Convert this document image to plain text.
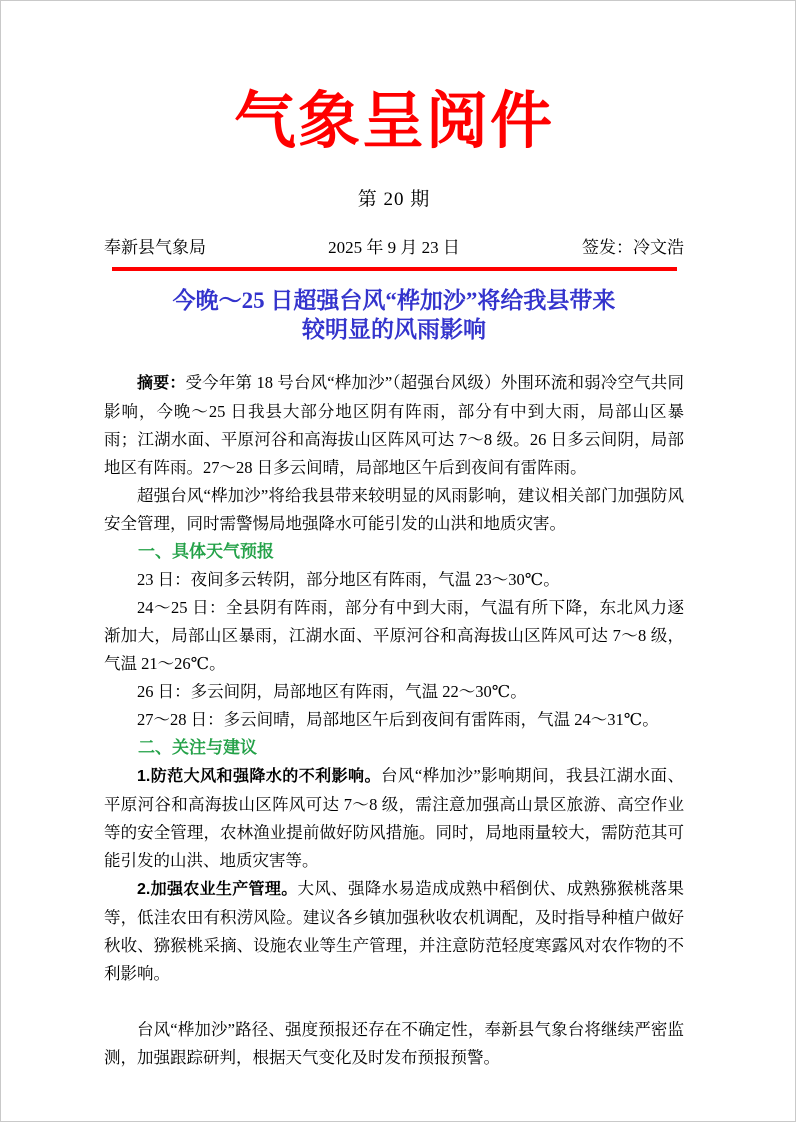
气象呈阅件
第 20 期
奉新县气象局	2025 年 9 月 23 日	签发：冷文浩
今晚～25 日超强台风“桦加沙”将给我县带来
较明显的风雨影响

摘要：受今年第 18 号台风“桦加沙”（超强台风级）外围环流和弱冷空气共同影响，今晚～25 日我县大部分地区阴有阵雨，部分有中到大雨，局部山区暴雨；江湖水面、平原河谷和高海拔山区阵风可达 7～8 级。26 日多云间阴，局部地区有阵雨。27～28 日多云间晴，局部地区午后到夜间有雷阵雨。

超强台风“桦加沙”将给我县带来较明显的风雨影响，建议相关部门加强防风安全管理，同时需警惕局地强降水可能引发的山洪和地质灾害。

一、具体天气预报

23 日：夜间多云转阴，部分地区有阵雨，气温 23～30℃。

24～25 日：全县阴有阵雨，部分有中到大雨，气温有所下降，东北风力逐渐加大，局部山区暴雨，江湖水面、平原河谷和高海拔山区阵风可达 7～8 级，气温 21～26℃。

26 日：多云间阴，局部地区有阵雨，气温 22～30℃。

27～28 日：多云间晴，局部地区午后到夜间有雷阵雨，气温 24～31℃。

二、关注与建议

1.防范大风和强降水的不利影响。台风“桦加沙”影响期间，我县江湖水面、平原河谷和高海拔山区阵风可达 7～8 级，需注意加强高山景区旅游、高空作业等的安全管理，农林渔业提前做好防风措施。同时，局地雨量较大，需防范其可能引发的山洪、地质灾害等。

2.加强农业生产管理。大风、强降水易造成成熟中稻倒伏、成熟猕猴桃落果等，低洼农田有积涝风险。建议各乡镇加强秋收农机调配，及时指导种植户做好秋收、猕猴桃采摘、设施农业等生产管理，并注意防范轻度寒露风对农作物的不利影响。

台风“桦加沙”路径、强度预报还存在不确定性，奉新县气象台将继续严密监测，加强跟踪研判，根据天气变化及时发布预报预警。
